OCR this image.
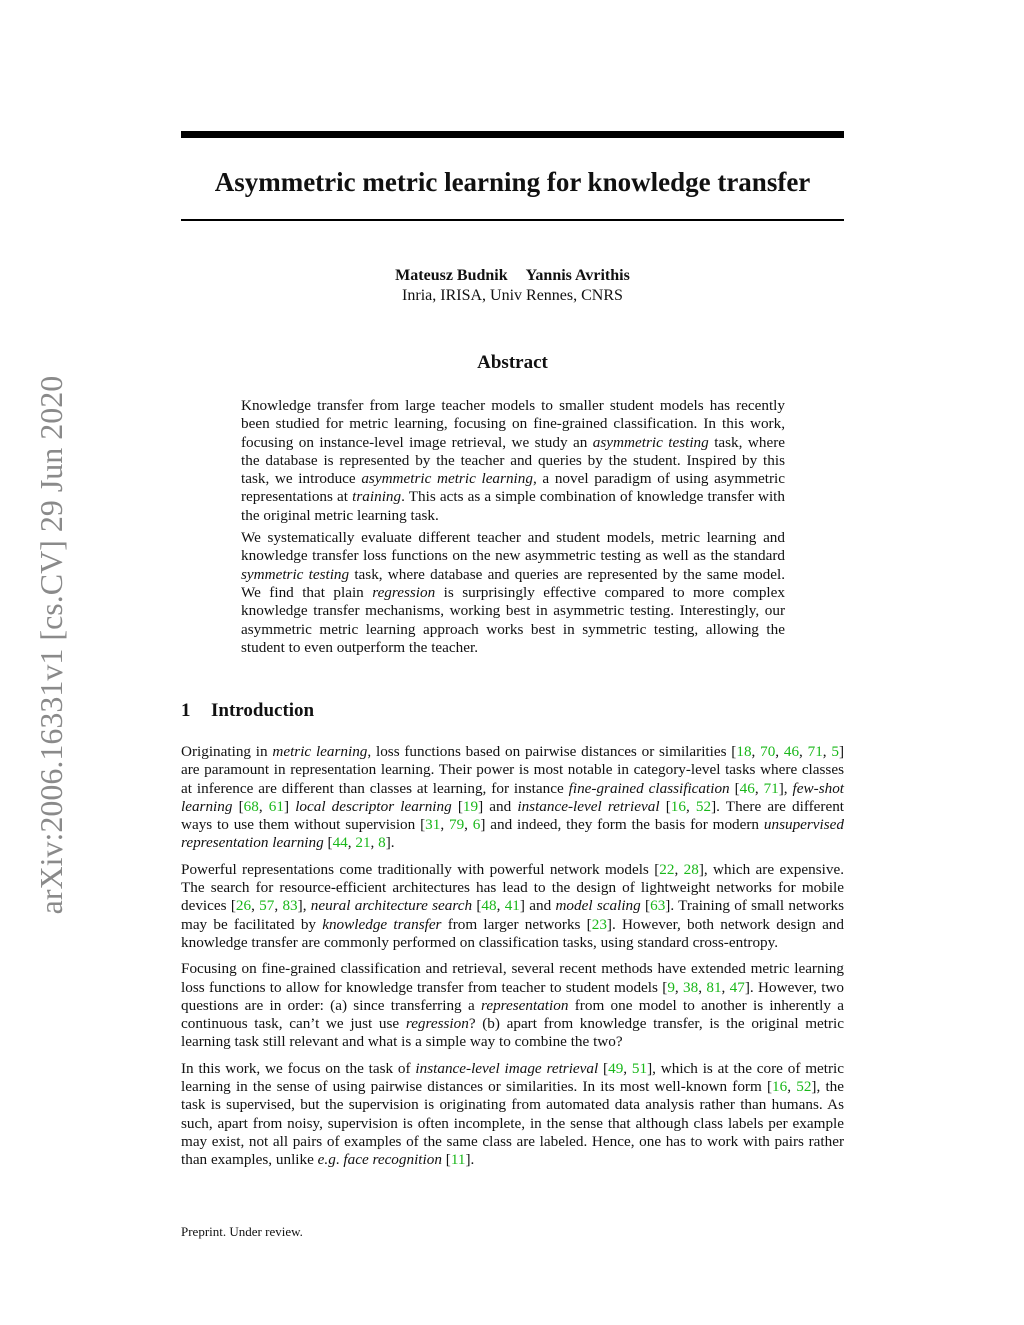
arXiv:2006.16331v1 [cs.CV] 29 Jun 2020
Asymmetric metric learning for knowledge transfer
Mateusz Budnik Yannis Avrithis
Inria, IRISA, Univ Rennes, CNRS
Abstract

Knowledge transfer from large teacher models to smaller student models has recently been studied for metric learning, focusing on fine-grained classification. In this work, focusing on instance-level image retrieval, we study an asymmetric testing task, where the database is represented by the teacher and queries by the student. Inspired by this task, we introduce asymmetric metric learning, a novel paradigm of using asymmetric representations at training. This acts as a simple combination of knowledge transfer with the original metric learning task.

We systematically evaluate different teacher and student models, metric learning and knowledge transfer loss functions on the new asymmetric testing as well as the standard symmetric testing task, where database and queries are represented by the same model. We find that plain regression is surprisingly effective compared to more complex knowledge transfer mechanisms, working best in asymmetric testing. Interestingly, our asymmetric metric learning approach works best in symmetric testing, allowing the student to even outperform the teacher.

1 Introduction

Originating in metric learning, loss functions based on pairwise distances or similarities [18, 70, 46, 71, 5] are paramount in representation learning. Their power is most notable in category-level tasks where classes at inference are different than classes at learning, for instance fine-grained classification [46, 71], few-shot learning [68, 61] local descriptor learning [19] and instance-level retrieval [16, 52]. There are different ways to use them without supervision [31, 79, 6] and indeed, they form the basis for modern unsupervised representation learning [44, 21, 8].

Powerful representations come traditionally with powerful network models [22, 28], which are expensive. The search for resource-efficient architectures has lead to the design of lightweight networks for mobile devices [26, 57, 83], neural architecture search [48, 41] and model scaling [63]. Training of small networks may be facilitated by knowledge transfer from larger networks [23]. However, both network design and knowledge transfer are commonly performed on classification tasks, using standard cross-entropy.

Focusing on fine-grained classification and retrieval, several recent methods have extended metric learning loss functions to allow for knowledge transfer from teacher to student models [9, 38, 81, 47]. However, two questions are in order: (a) since transferring a representation from one model to another is inherently a continuous task, can’t we just use regression? (b) apart from knowledge transfer, is the original metric learning task still relevant and what is a simple way to combine the two?

In this work, we focus on the task of instance-level image retrieval [49, 51], which is at the core of metric learning in the sense of using pairwise distances or similarities. In its most well-known form [16, 52], the task is supervised, but the supervision is originating from automated data analysis rather than humans. As such, apart from noisy, supervision is often incomplete, in the sense that although class labels per example may exist, not all pairs of examples of the same class are labeled. Hence, one has to work with pairs rather than examples, unlike e.g. face recognition [11].

Preprint. Under review.
